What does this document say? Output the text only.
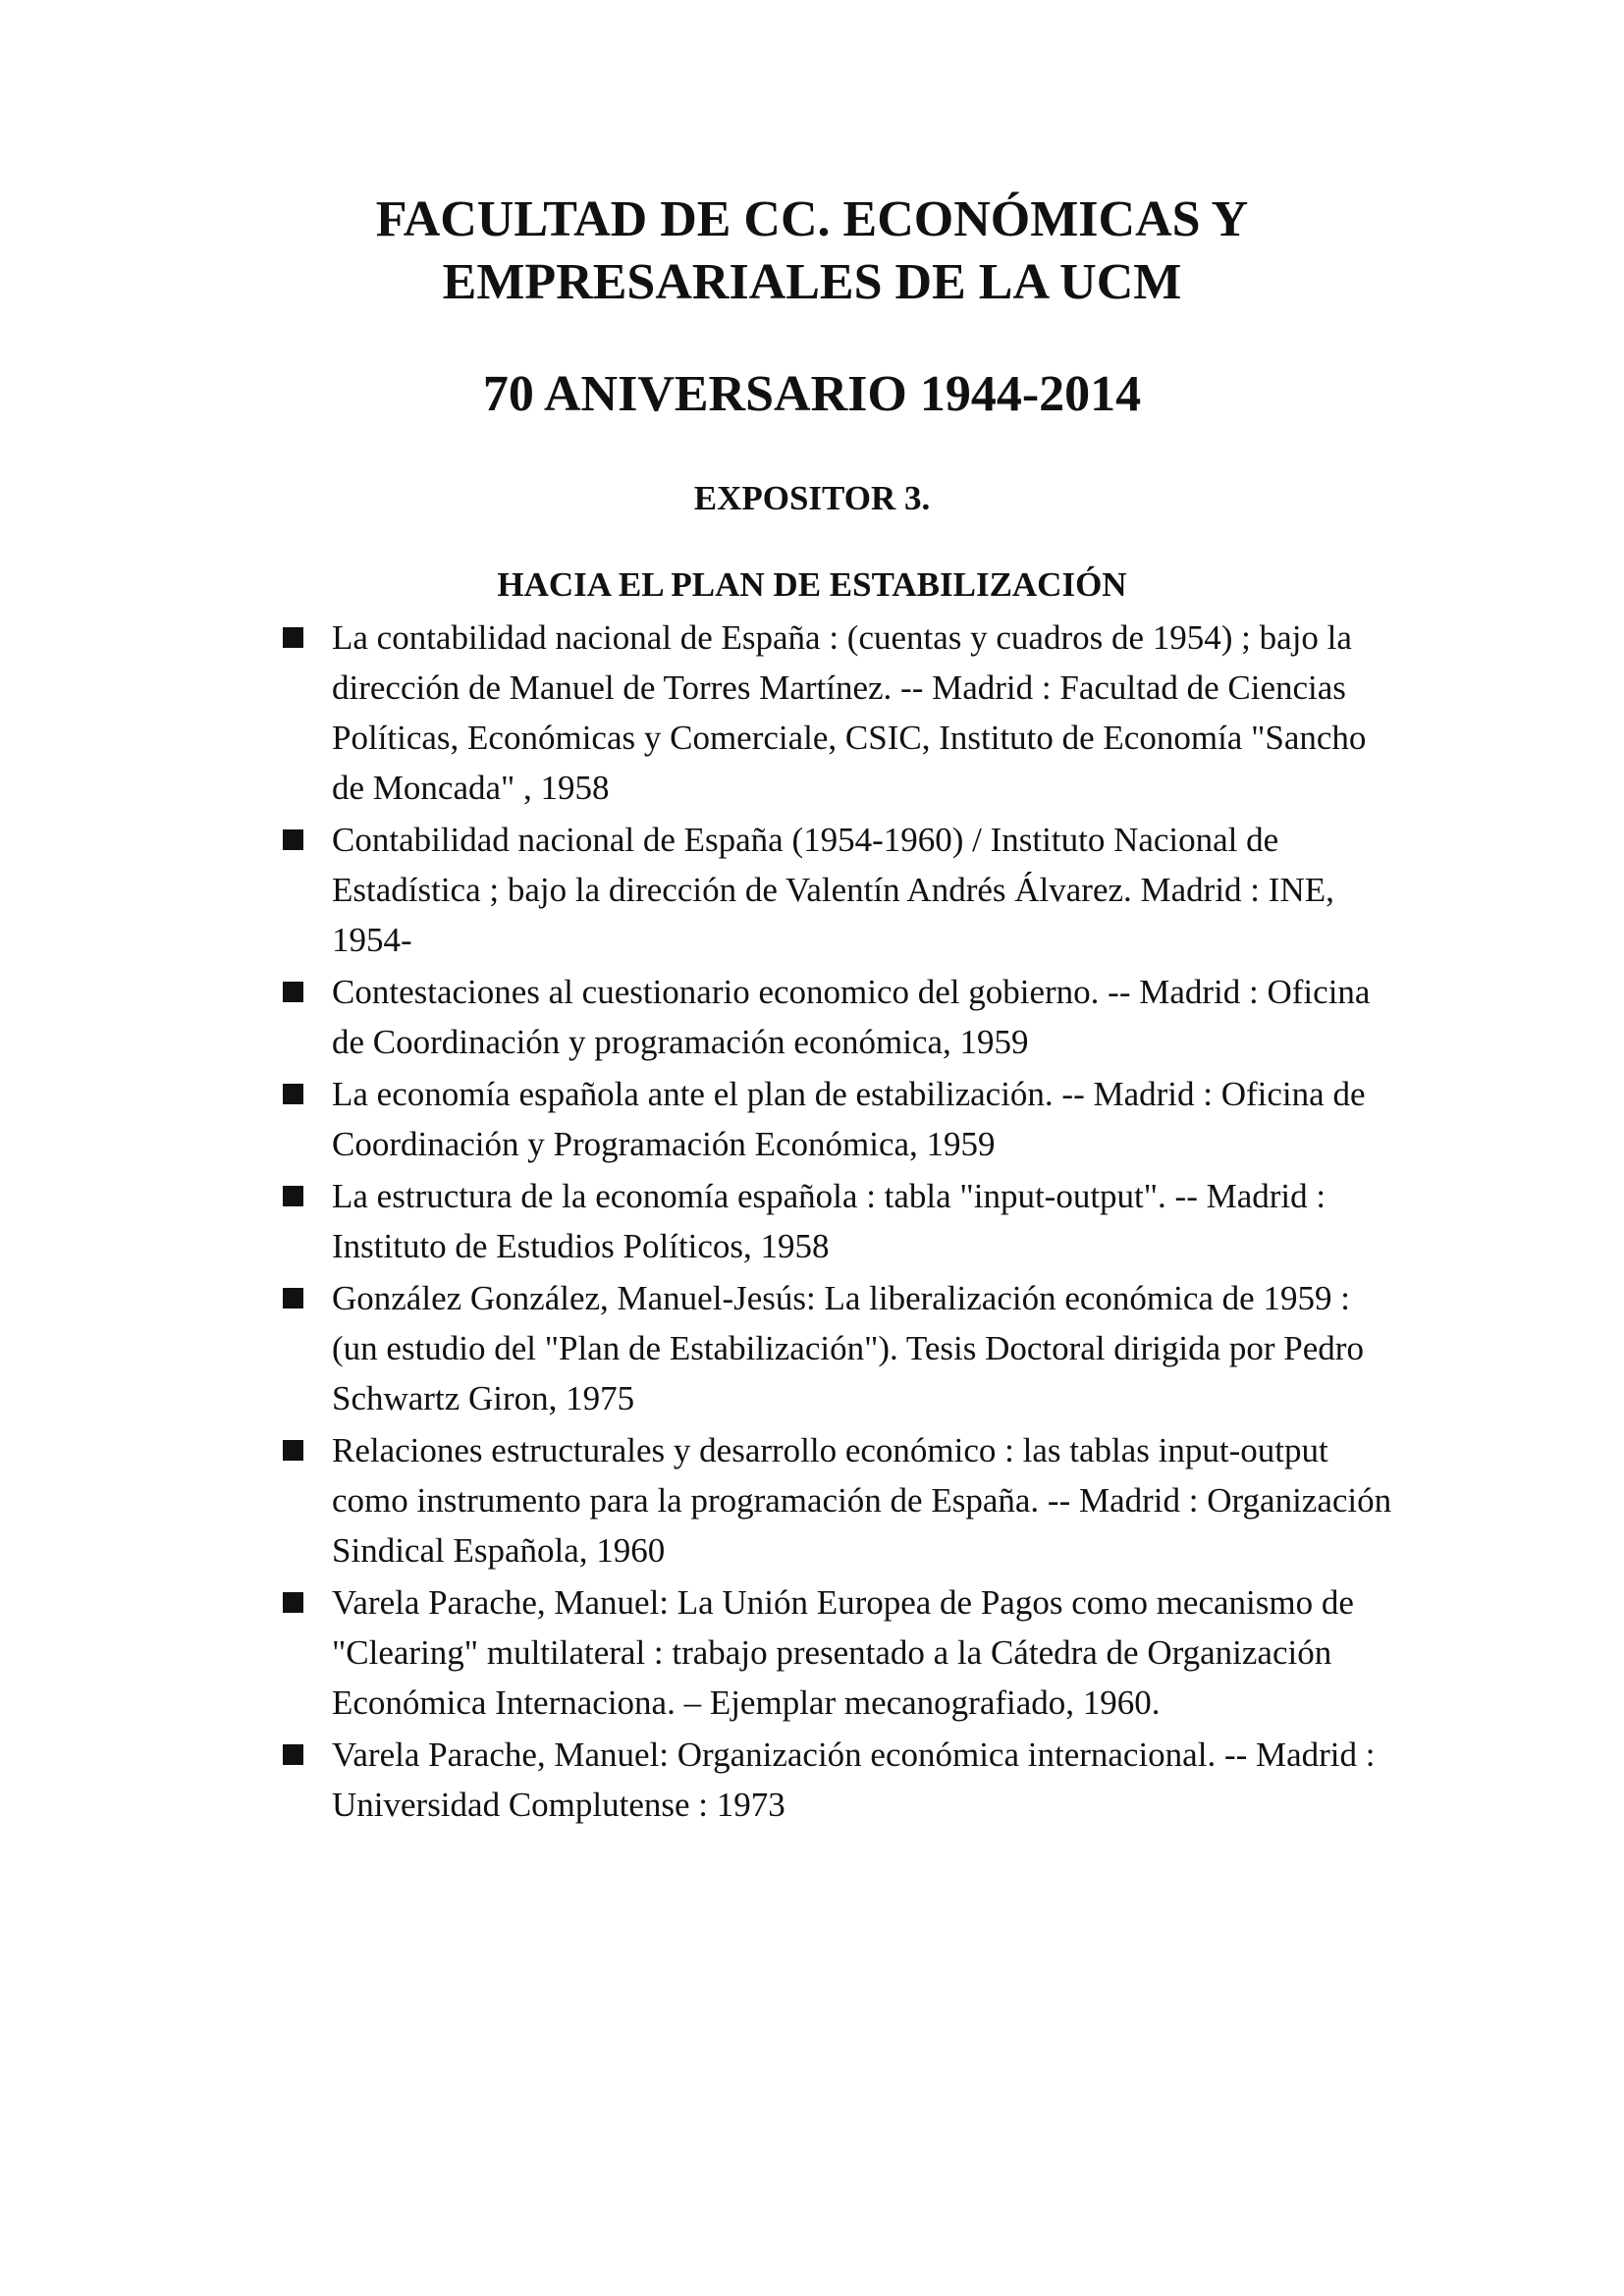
FACULTAD DE CC. ECONÓMICAS Y

EMPRESARIALES DE LA UCM

70 ANIVERSARIO 1944-2014

EXPOSITOR 3.

HACIA EL PLAN DE ESTABILIZACIÓN

La contabilidad nacional de España : (cuentas y cuadros de 1954) ; bajo la dirección de Manuel de Torres Martínez. -- Madrid : Facultad de Ciencias Políticas, Económicas y Comerciale, CSIC, Instituto de Economía "Sancho de Moncada" , 1958
Contabilidad nacional de España (1954-1960) / Instituto Nacional de Estadística ; bajo la dirección de Valentín Andrés Álvarez. Madrid : INE, 1954-
Contestaciones al cuestionario economico del gobierno. -- Madrid : Oficina de Coordinación y programación económica, 1959
La economía española ante el plan de estabilización. -- Madrid : Oficina de Coordinación y Programación Económica, 1959
La estructura de la economía española : tabla "input-output". -- Madrid : Instituto de Estudios Políticos, 1958
González González, Manuel-Jesús: La liberalización económica de 1959 : (un estudio del "Plan de Estabilización"). Tesis Doctoral dirigida por Pedro Schwartz Giron, 1975
Relaciones estructurales y desarrollo económico : las tablas input-output como instrumento para la programación de España. -- Madrid : Organización Sindical Española, 1960
Varela Parache, Manuel: La Unión Europea de Pagos como mecanismo de "Clearing" multilateral : trabajo presentado a la Cátedra de Organización Económica Internaciona. – Ejemplar mecanografiado, 1960.
Varela Parache, Manuel: Organización económica internacional. -- Madrid : Universidad Complutense : 1973
